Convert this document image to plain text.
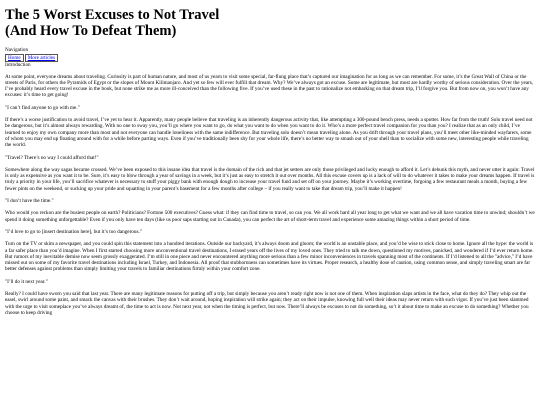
The 5 Worst Excuses to Not Travel
(And How To Defeat Them)
Navigation
Home More articles
Introduction

At some point, everyone dreams about traveling. Curiosity is part of human nature, and most of us yearn to visit some special, far-flung place that’s captured our imagination for as long as we can remember. For some, it’s the Great Wall of China or the streets of Paris, for others the Pyramids of Egypt or the slopes of Mount Kilimanjaro. And yet so few will ever fulfill that dream. Why? We’ve always got an excuse. Some are legitimate, but most are hardly worthy of serious consideration. Over the years, I’ve probably heard every travel excuse in the book, but none strike me as more ill-conceived than the following five. If you’ve used these in the past to rationalize not embarking on that dream trip, I’ll forgive you. But from now on, you won’t have any excuses: it’s time to get going!

"I can’t find anyone to go with me."

If there’s a worse justification to avoid travel, I’ve yet to hear it. Apparently, many people believe that traveling is an inherently dangerous activity that, like attempting a 300-pound bench press, needs a spotter. How far from the truth! Solo travel need not be dangerous, but it’s almost always rewarding. With no one to sway you, you’ll go where you want to go, do what you want to do when you want to do it. Who’s a more perfect travel companion for you than you? I realize that as an only child, I’ve learned to enjoy my own company more than most and not everyone can handle loneliness with the same indifference. But traveling solo doesn’t mean traveling alone. As you drift through your travel plans, you’ll meet other like-minded wayfarers, some of whom you may end up floating around with for a while before parting ways. Even if you’ve traditionally been shy for your whole life, there’s no better way to smash out of your shell than to socialize with some new, interesting people while traveling the world.

"Travel? There’s no way I could afford that!"

Somewhere along the way sagas became crossed. We’ve been exposed to this insane idea that travel is the domain of the rich and that jet setters are only those privileged and lucky enough to afford it. Let’s debunk this myth, and never utter it again: Travel is only as expensive as you want it to be. Sure, it’s easy to blow through a year of savings in a week, but it’s just as easy to stretch it out over months. All this excuse covers up is a lack of will to do whatever it takes to make your dreams happen. If travel is truly a priority in your life, you’ll sacrifice whatever is necessary to stuff your piggy bank with enough dough to increase your travel fund and set off on your journey. Maybe it’s working overtime, forgoing a few restaurant meals a month, buying a few fewer pints on the weekend, or sucking up your pride and squatting in your parent’s basement for a few months after college – if you really want to take that dream trip, you’ll make it happen!

"I don’t have the time."

Who would you reckon are the busiest people on earth? Politicians? Fortune 500 executives? Guess what: if they can find time to travel, so can you. We all work hard all year long to get what we want and we all have vacation time to unwind; shouldn’t we spend it doing something unforgettable? Even if you only have ten days (like us poor saps starting out in Canada), you can perfect the art of short-term travel and experience some amazing things within a short period of time.

"I’d love to go to [insert destination here], but it’s too dangerous."

Turn on the TV or skim a newspaper, and you could spin this statement into a hundred iterations. Outside our backyard, it’s always doom and gloom; the world is an unstable place, and you’d be wise to stick close to home. Ignore all the hype: the world is a far safer place than you’d imagine. When I first started choosing more unconventional travel destinations, I erased years off the lives of my loved ones. They tried to talk me down, questioned my motives, panicked, and wondered if I’d ever return home. But rumors of my inevitable demise now seem grossly exaggerated. I’m still in one piece and never encountered anything more serious than a few minor inconveniences in travels spanning most of the continents. If I’d listened to all the "advice," I’d have missed out on some of my favorite travel destinations including Israel, Turkey, and Indonesia. All proof that stubbornness can sometimes have its virtues. Proper research, a healthy dose of caution, using common sense, and simply traveling smart are far better defenses against problems than simply limiting your travels to familiar destinations firmly within your comfort zone.

"I’ll do it next year."

Really? I could have sworn you said that last year. There are many legitimate reasons for putting off a trip, but simply because you aren’t ready right now is not one of them. When inspiration slaps artists in the face, what do they do? They whip out the easel, swirl around some paint, and smack the canvas with their brushes. They don’t wait around, hoping inspiration will strike again; they act on their impulse, knowing full well their ideas may never return with such vigor. If you’ve just been slammed with the urge to visit someplace you’ve always dreamt of, the time to act is now. Not next year, not when the timing is perfect, but now. There’ll always be excuses to not do something, so’t it about time to make an excuse to do something? Whether you choose to keep driving
